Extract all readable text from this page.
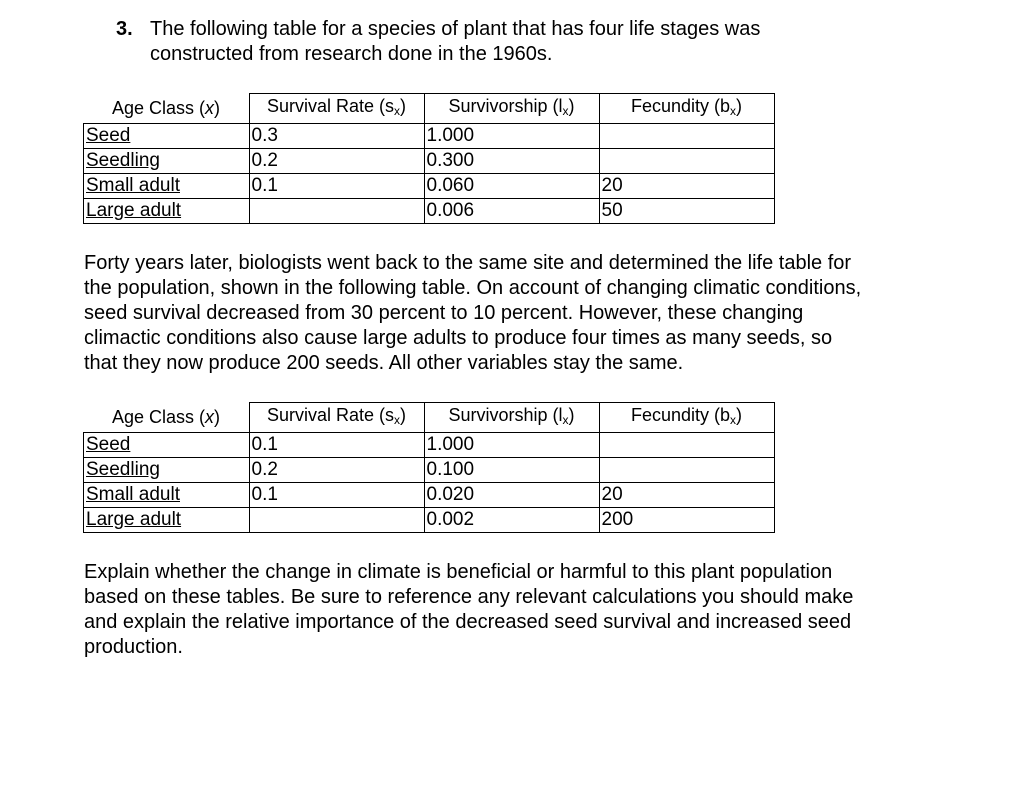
3. The following table for a species of plant that has four life stages was
constructed from research done in the 1960s.
Age Class (x)	Survival Rate $(s_x)$	Survivorship $(l_x)$	Fecundity $(b_x)$
Seed	0.3	1.000	
Seedling	0.2	0.300	
Small adult	0.1	0.060	20
Large adult		0.006	50
Forty years later, biologists went back to the same site and determined the life table for
the population, shown in the following table. On account of changing climatic conditions,
seed survival decreased from 30 percent to 10 percent. However, these changing
climactic conditions also cause large adults to produce four times as many seeds, so
that they now produce 200 seeds. All other variables stay the same.
Age Class (x)	Survival Rate $(s_x)$	Survivorship $(l_x)$	Fecundity $(b_x)$
Seed	0.1	1.000	
Seedling	0.2	0.100	
Small adult	0.1	0.020	20
Large adult		0.002	200
Explain whether the change in climate is beneficial or harmful to this plant population
based on these tables. Be sure to reference any relevant calculations you should make
and explain the relative importance of the decreased seed survival and increased seed
production.
